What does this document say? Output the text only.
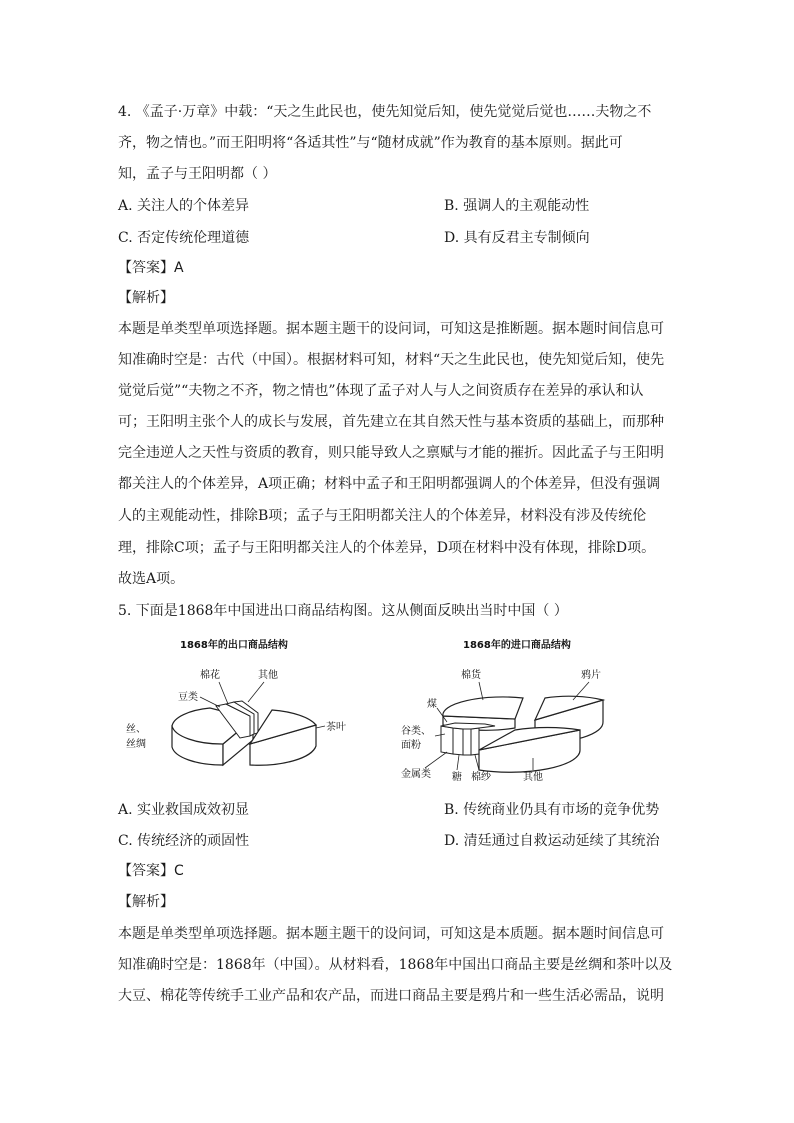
4. 《孟子·万章》中载：“天之生此民也，使先知觉后知，使先觉觉后觉也……夫物之不
齐，物之情也。”而王阳明将“各适其性”与“随材成就”作为教育的基本原则。据此可
知，孟子与王阳明都（ ）
A. 关注人的个体差异	B. 强调人的主观能动性
C. 否定传统伦理道德	D. 具有反君主专制倾向
【答案】A
【解析】
本题是单类型单项选择题。据本题主题干的设问词，可知这是推断题。据本题时间信息可
知准确时空是：古代（中国）。根据材料可知，材料“天之生此民也，使先知觉后知，使先
觉觉后觉”“夫物之不齐，物之情也”体现了孟子对人与人之间资质存在差异的承认和认
可；王阳明主张个人的成长与发展，首先建立在其自然天性与基本资质的基础上，而那种
完全违逆人之天性与资质的教育，则只能导致人之禀赋与才能的摧折。因此孟子与王阳明
都关注人的个体差异，A项正确；材料中孟子和王阳明都强调人的个体差异，但没有强调
人的主观能动性，排除B项；孟子与王阳明都关注人的个体差异，材料没有涉及传统伦
理，排除C项；孟子与王阳明都关注人的个体差异，D项在材料中没有体现，排除D项。
故选A项。
5. 下面是1868年中国进出口商品结构图。这从侧面反映出当时中国（ ）
1868年的出口商品结构
棉花	其他
豆类
丝、
丝绸
茶叶
1868年的进口商品结构
棉货	鸦片
煤
谷类、
面粉
金属类 糖 棉纱	其他
A. 实业救国成效初显	B. 传统商业仍具有市场的竞争优势
C. 传统经济的顽固性	D. 清廷通过自救运动延续了其统治
【答案】C
【解析】
本题是单类型单项选择题。据本题主题干的设问词，可知这是本质题。据本题时间信息可
知准确时空是：1868年（中国）。从材料看，1868年中国出口商品主要是丝绸和茶叶以及
大豆、棉花等传统手工业产品和农产品，而进口商品主要是鸦片和一些生活必需品，说明
